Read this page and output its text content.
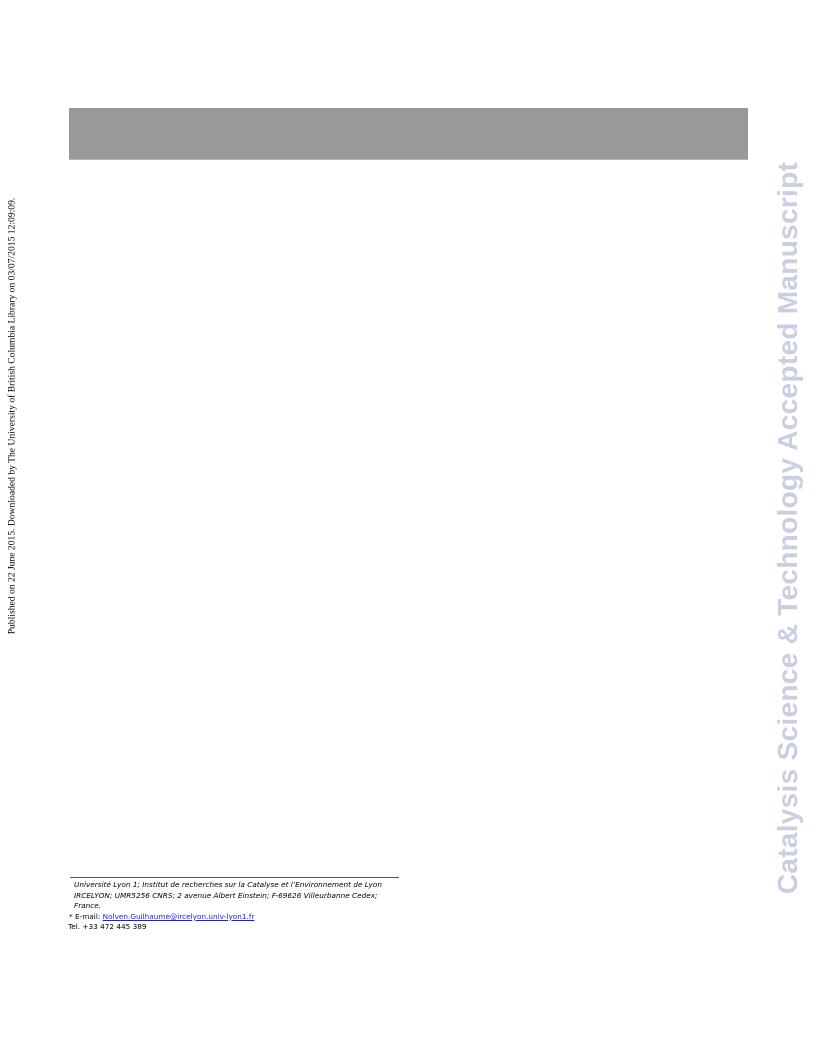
Published on 22 June 2015. Downloaded by The University of British Columbia Library on 03/07/2015 12:09:09.	Catalysis Science & Technology Accepted Manuscript
Université Lyon 1; Institut de recherches sur la Catalyse et l’Environnement de Lyon IRCELYON; UMR5256 CNRS; 2 avenue Albert Einstein; F-69626 Villeurbanne Cedex; France.
* E-mail: Nolven.Guilhaume@ircelyon.univ-lyon1.fr
Tel. +33 472 445 389
